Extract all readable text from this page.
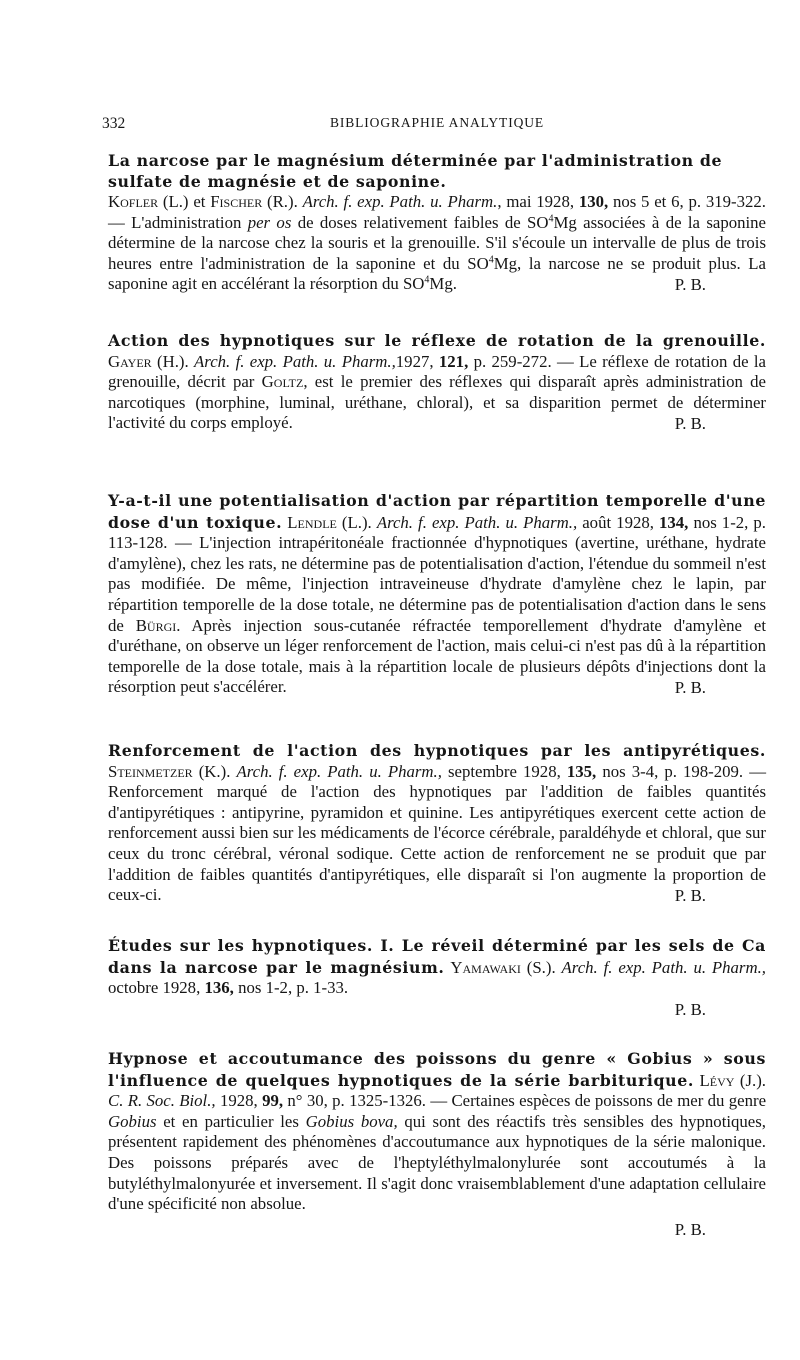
332	BIBLIOGRAPHIE ANALYTIQUE

La narcose par le magnésium déterminée par l'administration de sulfate de magnésie et de saponine.

Kofler (L.) et Fischer (R.). Arch. f. exp. Path. u. Pharm., mai 1928, 130, nos 5 et 6, p. 319-322. — L'administration per os de doses relativement faibles de $SO^4Mg$ associées à de la saponine détermine de la narcose chez la souris et la grenouille. S'il s'écoule un intervalle de plus de trois heures entre l'administration de la saponine et du $SO^4Mg$, la narcose ne se produit plus. La saponine agit en accélérant la résorption du $SO^4Mg$.	P. B.

Action des hypnotiques sur le réflexe de rotation de la grenouille. Gayer (H.). Arch. f. exp. Path. u. Pharm.,1927, 121, p. 259-272. — Le réflexe de rotation de la grenouille, décrit par Goltz, est le premier des réflexes qui disparaît après administration de narcotiques (morphine, luminal, uréthane, chloral), et sa disparition permet de déterminer l'activité du corps employé.	P. B.

Y-a-t-il une potentialisation d'action par répartition temporelle d'une dose d'un toxique. Lendle (L.). Arch. f. exp. Path. u. Pharm., août 1928, 134, nos 1-2, p. 113-128. — L'injection intrapéritonéale fractionnée d'hypnotiques (avertine, uréthane, hydrate d'amylène), chez les rats, ne détermine pas de potentialisation d'action, l'étendue du sommeil n'est pas modifiée. De même, l'injection intraveineuse d'hydrate d'amylène chez le lapin, par répartition temporelle de la dose totale, ne détermine pas de potentialisation d'action dans le sens de Bürgi. Après injection sous-cutanée réfractée temporellement d'hydrate d'amylène et d'uréthane, on observe un léger renforcement de l'action, mais celui-ci n'est pas dû à la répartition temporelle de la dose totale, mais à la répartition locale de plusieurs dépôts d'injections dont la résorption peut s'accélérer.	P. B.

Renforcement de l'action des hypnotiques par les antipyrétiques. Steinmetzer (K.). Arch. f. exp. Path. u. Pharm., septembre 1928, 135, nos 3-4, p. 198-209. — Renforcement marqué de l'action des hypnotiques par l'addition de faibles quantités d'antipyrétiques : antipyrine, pyramidon et quinine. Les antipyrétiques exercent cette action de renforcement aussi bien sur les médicaments de l'écorce cérébrale, paraldéhyde et chloral, que sur ceux du tronc cérébral, véronal sodique. Cette action de renforcement ne se produit que par l'addition de faibles quantités d'antipyrétiques, elle disparaît si l'on augmente la proportion de ceux-ci.	P. B.

Études sur les hypnotiques. I. Le réveil déterminé par les sels de Ca dans la narcose par le magnésium. Yamawaki (S.). Arch. f. exp. Path. u. Pharm., octobre 1928, 136, nos 1-2, p. 1-33.

P. B.

Hypnose et accoutumance des poissons du genre « Gobius » sous l'influence de quelques hypnotiques de la série barbiturique. Lévy (J.). C. R. Soc. Biol., 1928, 99, n° 30, p. 1325-1326. — Certaines espèces de poissons de mer du genre Gobius et en particulier les Gobius bova, qui sont des réactifs très sensibles des hypnotiques, présentent rapidement des phénomènes d'accoutumance aux hypnotiques de la série malonique. Des poissons préparés avec de l'heptyléthylmalonylurée sont accoutumés à la butyléthylmalonyurée et inversement. Il s'agit donc vraisemblablement d'une adaptation cellulaire d'une spécificité non absolue.

P. B.
